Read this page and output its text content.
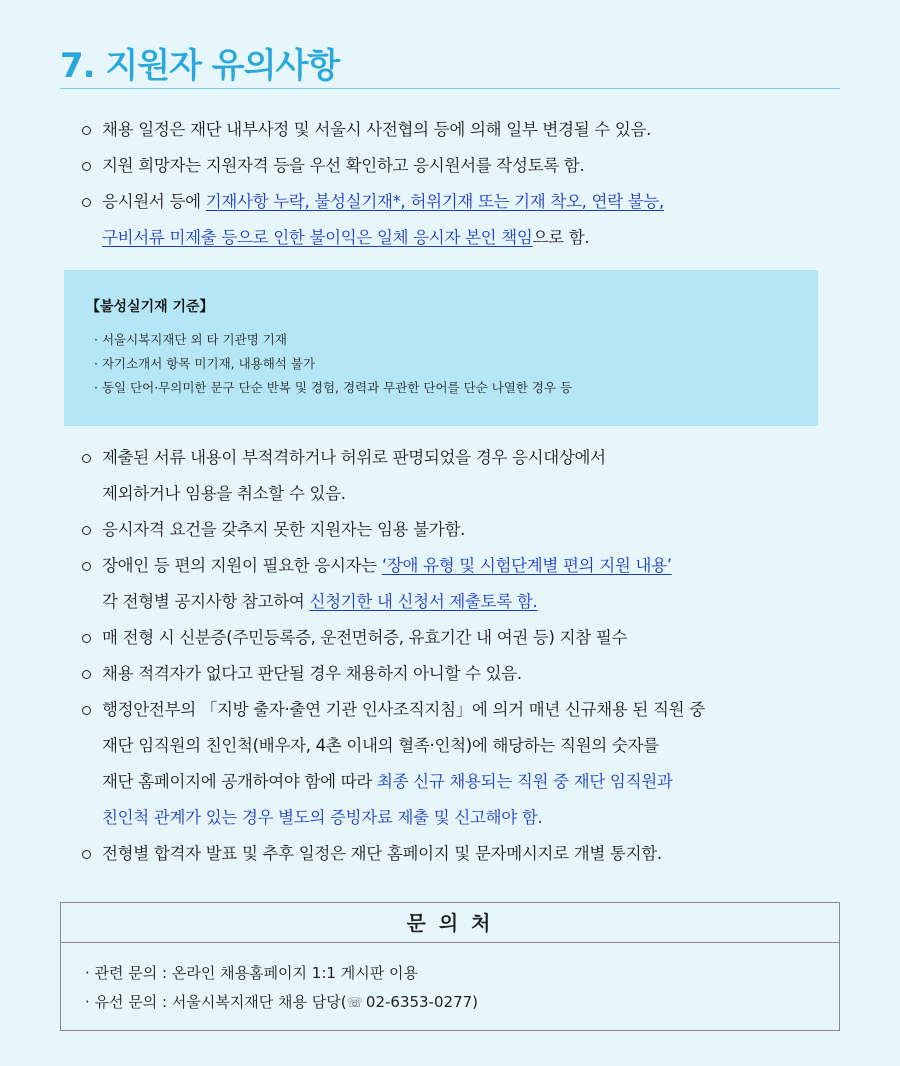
7. 지원자 유의사항
채용 일정은 재단 내부사정 및 서울시 사전협의 등에 의해 일부 변경될 수 있음.
지원 희망자는 지원자격 등을 우선 확인하고 응시원서를 작성토록 함.
응시원서 등에 기재사항 누락, 불성실기재*, 허위기재 또는 기재 착오, 연락 불능,
구비서류 미제출 등으로 인한 불이익은 일체 응시자 본인 책임으로 함.
【불성실기재 기준】
· 서울시복지재단 외 타 기관명 기재
· 자기소개서 항목 미기재, 내용해석 불가
· 동일 단어·무의미한 문구 단순 반복 및 경험, 경력과 무관한 단어를 단순 나열한 경우 등
제출된 서류 내용이 부적격하거나 허위로 판명되었을 경우 응시대상에서
제외하거나 임용을 취소할 수 있음.
응시자격 요건을 갖추지 못한 지원자는 임용 불가함.
장애인 등 편의 지원이 필요한 응시자는 ‘장애 유형 및 시험단계별 편의 지원 내용’
각 전형별 공지사항 참고하여 신청기한 내 신청서 제출토록 함.
매 전형 시 신분증(주민등록증, 운전면허증, 유효기간 내 여권 등) 지참 필수
채용 적격자가 없다고 판단될 경우 채용하지 아니할 수 있음.
행정안전부의 「지방 출자·출연 기관 인사조직지침」에 의거 매년 신규채용 된 직원 중
재단 임직원의 친인척(배우자, 4촌 이내의 혈족·인척)에 해당하는 직원의 숫자를
재단 홈페이지에 공개하여야 함에 따라 최종 신규 채용되는 직원 중 재단 임직원과
친인척 관계가 있는 경우 별도의 증빙자료 제출 및 신고해야 함.
전형별 합격자 발표 및 추후 일정은 재단 홈페이지 및 문자메시지로 개별 통지함.
문 의 처
· 관련 문의 : 온라인 채용홈페이지 1:1 게시판 이용
· 유선 문의 : 서울시복지재단 채용 담당(☏ 02-6353-0277)
